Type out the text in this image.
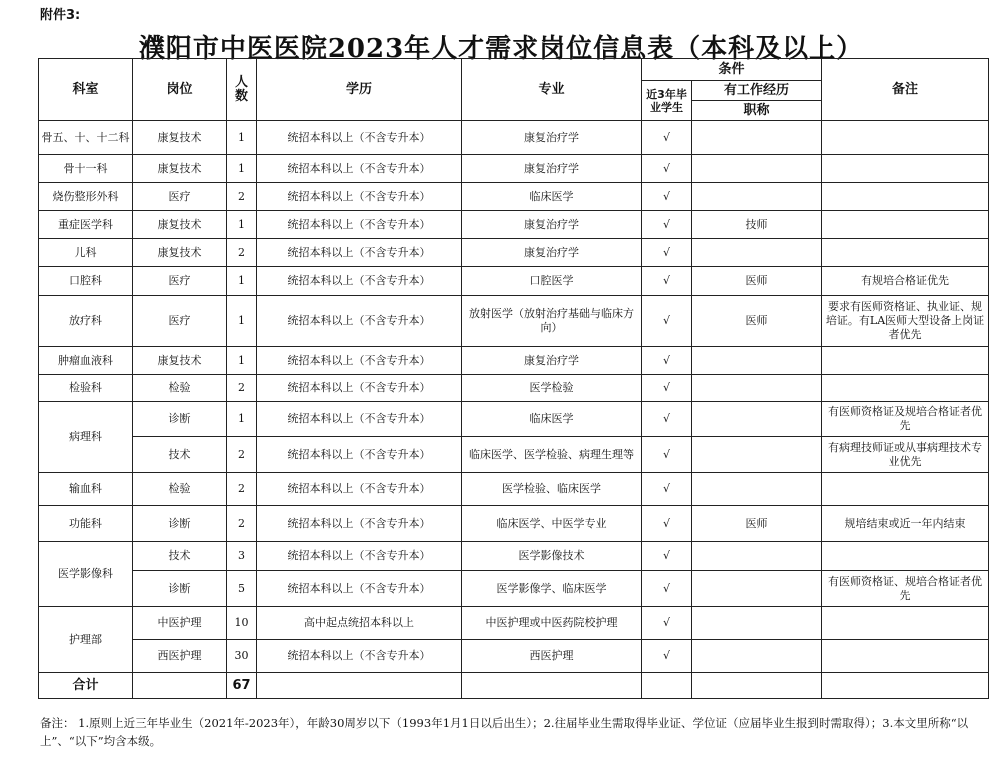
附件3:
濮阳市中医医院2023年人才需求岗位信息表（本科及以上）
科室	岗位	人数	学历	专业	条件		备注
					近3年毕业学生	有工作经历	
						职称	
骨五、十、十二科	康复技术	1	统招本科以上（不含专升本）	康复治疗学	√		
骨十一科	康复技术	1	统招本科以上（不含专升本）	康复治疗学	√		
烧伤整形外科	医疗	2	统招本科以上（不含专升本）	临床医学	√		
重症医学科	康复技术	1	统招本科以上（不含专升本）	康复治疗学	√	技师	
儿科	康复技术	2	统招本科以上（不含专升本）	康复治疗学	√		
口腔科	医疗	1	统招本科以上（不含专升本）	口腔医学	√	医师	有规培合格证优先
放疗科	医疗	1	统招本科以上（不含专升本）	放射医学（放射治疗基础与临床方向）	√	医师	要求有医师资格证、执业证、规培证。有LA医师大型设备上岗证者优先
肿瘤血液科	康复技术	1	统招本科以上（不含专升本）	康复治疗学	√		
检验科	检验	2	统招本科以上（不含专升本）	医学检验	√		
病理科	诊断	1	统招本科以上（不含专升本）	临床医学	√		有医师资格证及规培合格证者优先
	技术	2	统招本科以上（不含专升本）	临床医学、医学检验、病理生理等	√		有病理技师证或从事病理技术专业优先
输血科	检验	2	统招本科以上（不含专升本）	医学检验、临床医学	√		
功能科	诊断	2	统招本科以上（不含专升本）	临床医学、中医学专业	√	医师	规培结束或近一年内结束
医学影像科	技术	3	统招本科以上（不含专升本）	医学影像技术	√		
	诊断	5	统招本科以上（不含专升本）	医学影像学、临床医学	√		有医师资格证、规培合格证者优先
护理部	中医护理	10	高中起点统招本科以上	中医护理或中医药院校护理	√		
	西医护理	30	统招本科以上（不含专升本）	西医护理	√		
合计		67					
备注： 1.原则上近三年毕业生（2021年-2023年），年龄30周岁以下（1993年1月1日以后出生）；2.往届毕业生需取得毕业证、学位证（应届毕业生报到时需取得）；3.本文里所称“以上”、“以下”均含本级。
